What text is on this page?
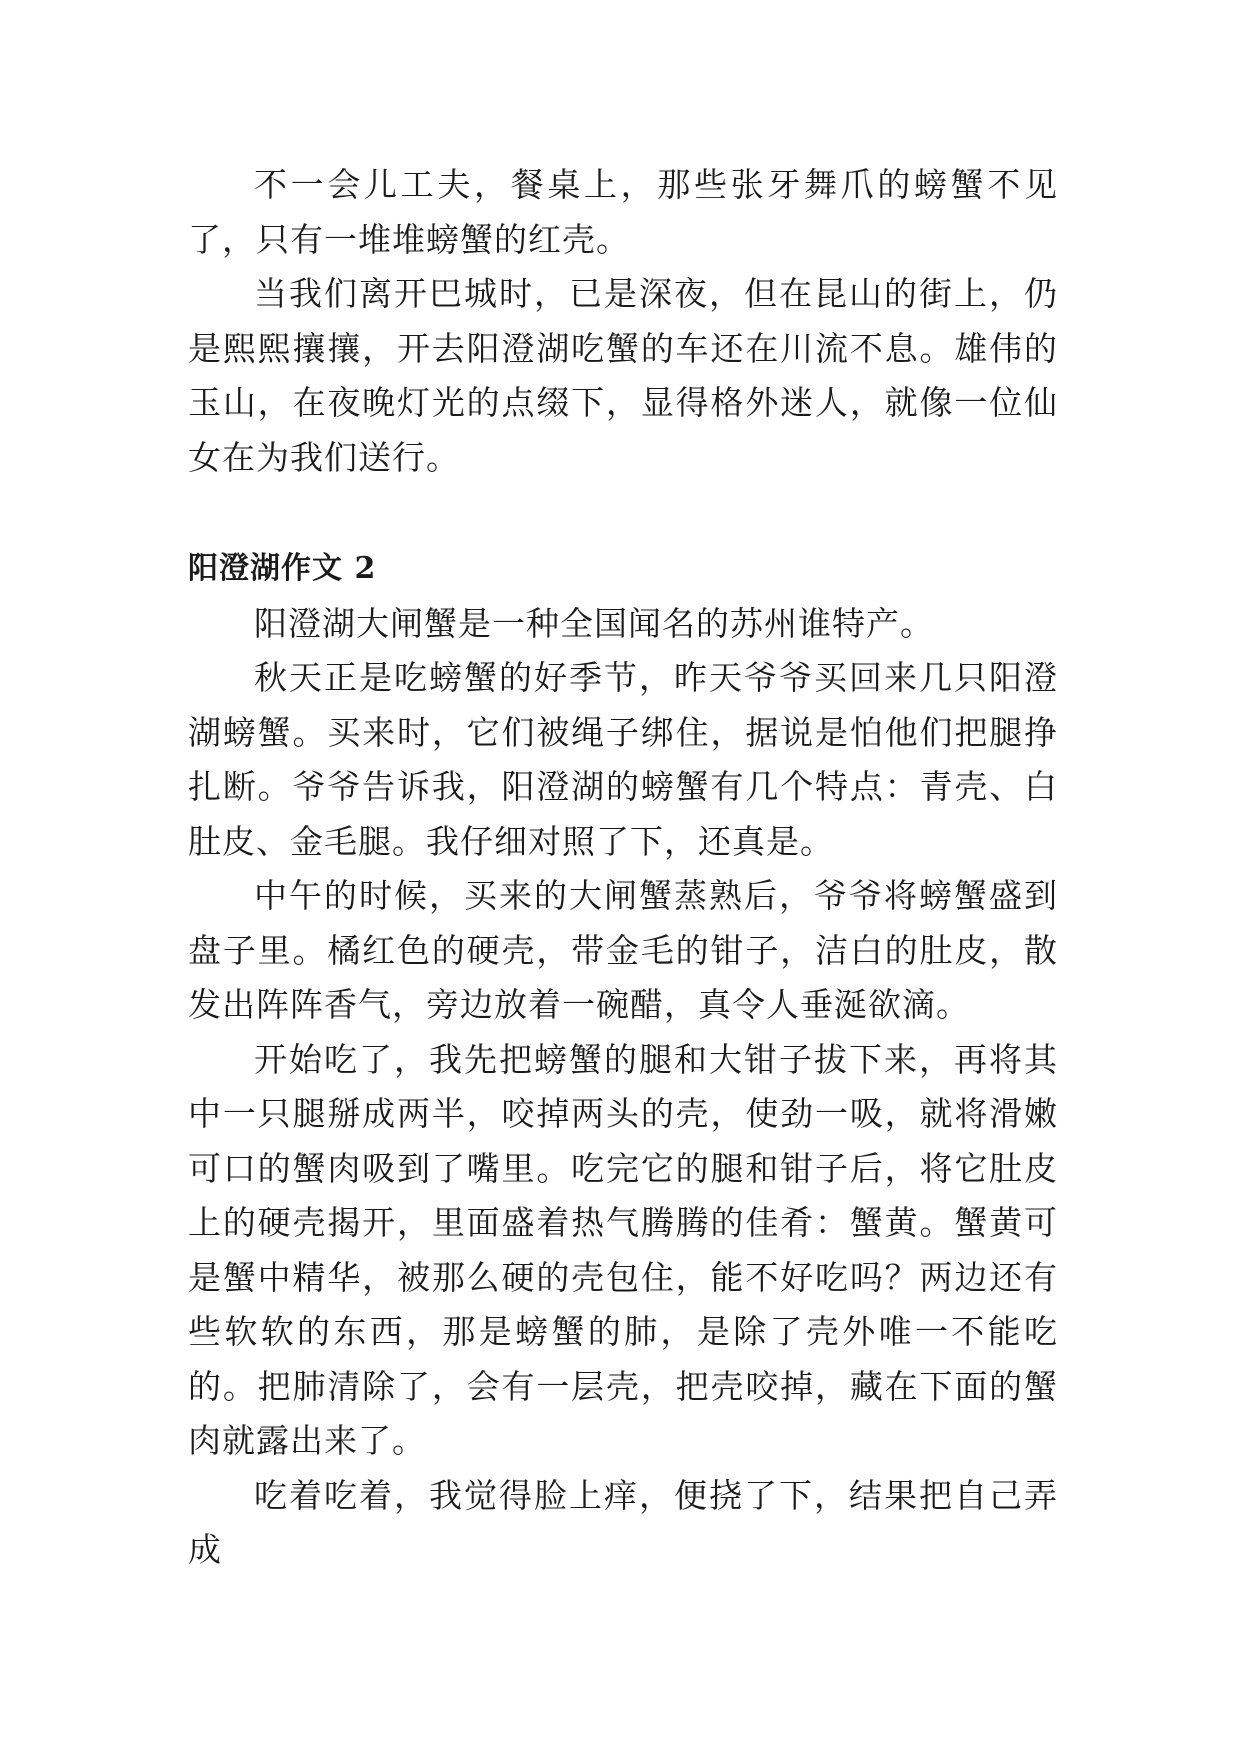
不一会儿工夫，餐桌上，那些张牙舞爪的螃蟹不见了，只有一堆堆螃蟹的红壳。

当我们离开巴城时，已是深夜，但在昆山的街上，仍是熙熙攘攘，开去阳澄湖吃蟹的车还在川流不息。雄伟的玉山，在夜晚灯光的点缀下，显得格外迷人，就像一位仙女在为我们送行。

阳澄湖作文 2

阳澄湖大闸蟹是一种全国闻名的苏州谁特产。

秋天正是吃螃蟹的好季节，昨天爷爷买回来几只阳澄湖螃蟹。买来时，它们被绳子绑住，据说是怕他们把腿挣扎断。爷爷告诉我，阳澄湖的螃蟹有几个特点：青壳、白肚皮、金毛腿。我仔细对照了下，还真是。

中午的时候，买来的大闸蟹蒸熟后，爷爷将螃蟹盛到盘子里。橘红色的硬壳，带金毛的钳子，洁白的肚皮，散发出阵阵香气，旁边放着一碗醋，真令人垂涎欲滴。

开始吃了，我先把螃蟹的腿和大钳子拔下来，再将其中一只腿掰成两半，咬掉两头的壳，使劲一吸，就将滑嫩可口的蟹肉吸到了嘴里。吃完它的腿和钳子后，将它肚皮上的硬壳揭开，里面盛着热气腾腾的佳肴：蟹黄。蟹黄可是蟹中精华，被那么硬的壳包住，能不好吃吗？两边还有些软软的东西，那是螃蟹的肺，是除了壳外唯一不能吃的。把肺清除了，会有一层壳，把壳咬掉，藏在下面的蟹肉就露出来了。

吃着吃着，我觉得脸上痒，便挠了下，结果把自己弄成
